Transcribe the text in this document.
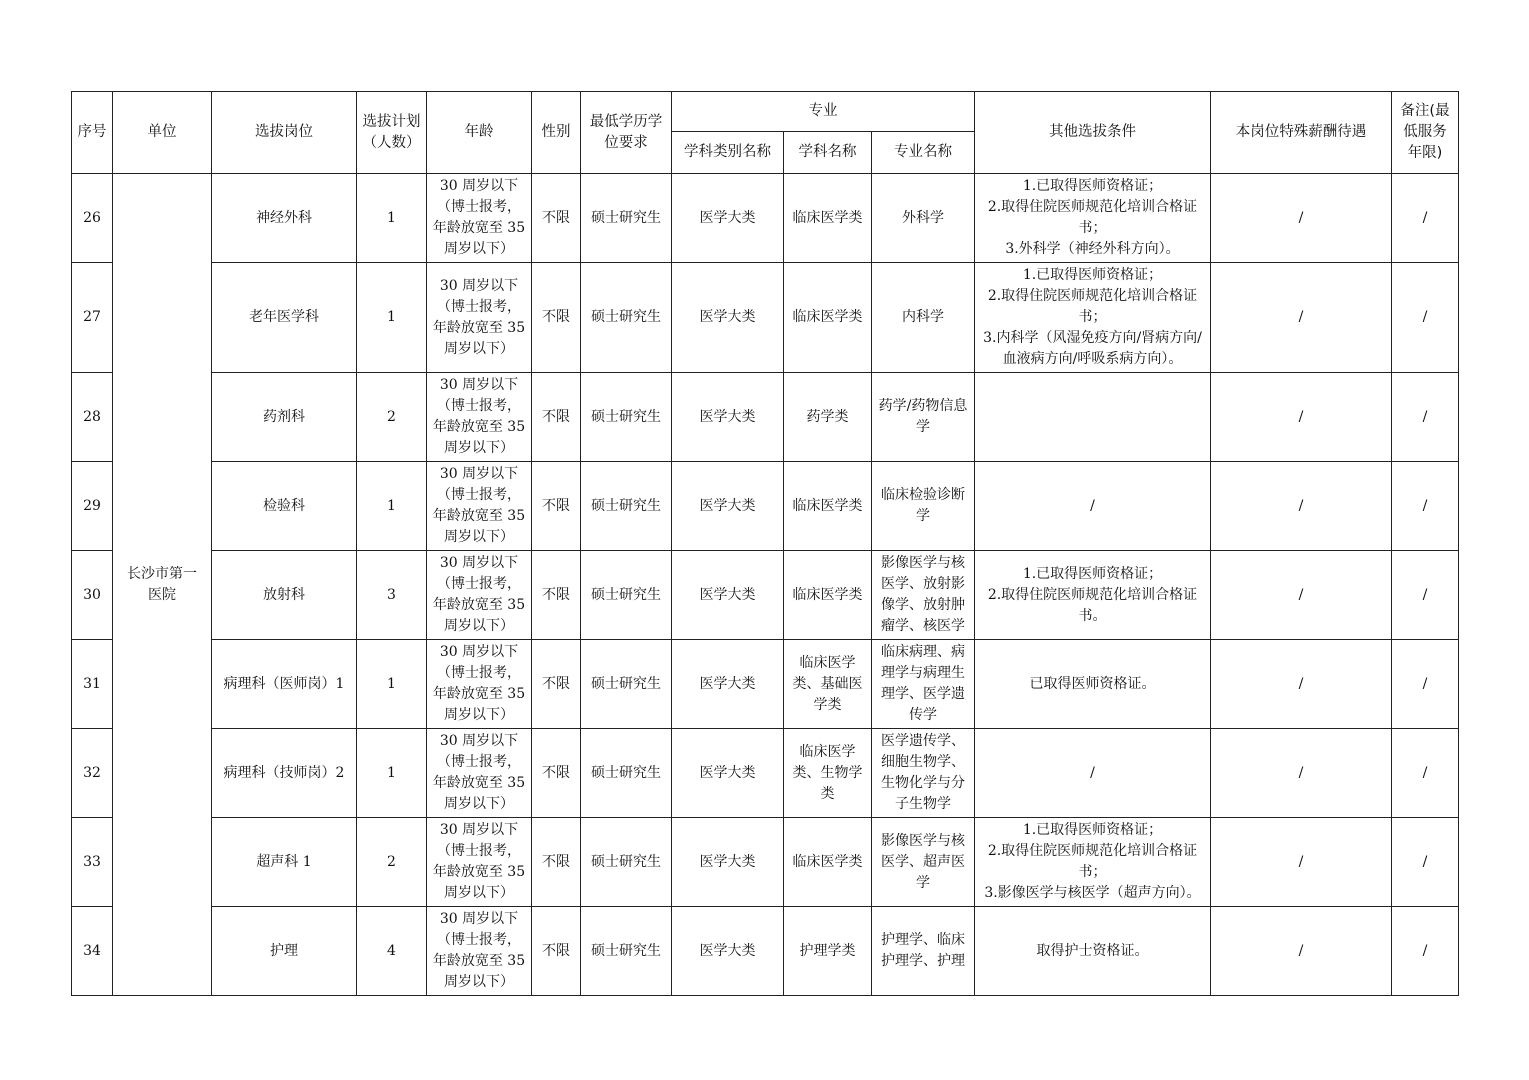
序号	单位	选拔岗位	选拔计划
（人数）	年龄	性别	最低学历学
位要求	专业			其他选拔条件	本岗位特殊薪酬待遇	备注(最
低服务
年限)
							学科类别名称	学科名称	专业名称			
26	长沙市第一
医院	神经外科	1	30 周岁以下
（博士报考，
年龄放宽至 35
周岁以下）	不限	硕士研究生	医学大类	临床医学类	外科学	1.已取得医师资格证；
2.取得住院医师规范化培训合格证书；
3.外科学（神经外科方向）。	/	/
27		老年医学科	1	30 周岁以下
（博士报考，
年龄放宽至 35
周岁以下）	不限	硕士研究生	医学大类	临床医学类	内科学	1.已取得医师资格证；
2.取得住院医师规范化培训合格证书；
3.内科学（风湿免疫方向/肾病方向/血液病方向/呼吸系病方向）。	/	/
28		药剂科	2	30 周岁以下
（博士报考，
年龄放宽至 35
周岁以下）	不限	硕士研究生	医学大类	药学类	药学/药物信息学		/	/
29		检验科	1	30 周岁以下
（博士报考，
年龄放宽至 35
周岁以下）	不限	硕士研究生	医学大类	临床医学类	临床检验诊断学	/	/	/
30		放射科	3	30 周岁以下
（博士报考，
年龄放宽至 35
周岁以下）	不限	硕士研究生	医学大类	临床医学类	影像医学与核医学、放射影像学、放射肿瘤学、核医学	1.已取得医师资格证；
2.取得住院医师规范化培训合格证书。	/	/
31		病理科（医师岗）1	1	30 周岁以下
（博士报考，
年龄放宽至 35
周岁以下）	不限	硕士研究生	医学大类	临床医学类、基础医学类	临床病理、病理学与病理生理学、医学遗传学	已取得医师资格证。	/	/
32		病理科（技师岗）2	1	30 周岁以下
（博士报考，
年龄放宽至 35
周岁以下）	不限	硕士研究生	医学大类	临床医学类、生物学类	医学遗传学、细胞生物学、生物化学与分子生物学	/	/	/
33		超声科 1	2	30 周岁以下
（博士报考，
年龄放宽至 35
周岁以下）	不限	硕士研究生	医学大类	临床医学类	影像医学与核医学、超声医学	1.已取得医师资格证；
2.取得住院医师规范化培训合格证书；
3.影像医学与核医学（超声方向）。	/	/
34		护理	4	30 周岁以下
（博士报考，
年龄放宽至 35
周岁以下）	不限	硕士研究生	医学大类	护理学类	护理学、临床护理学、护理	取得护士资格证。	/	/
